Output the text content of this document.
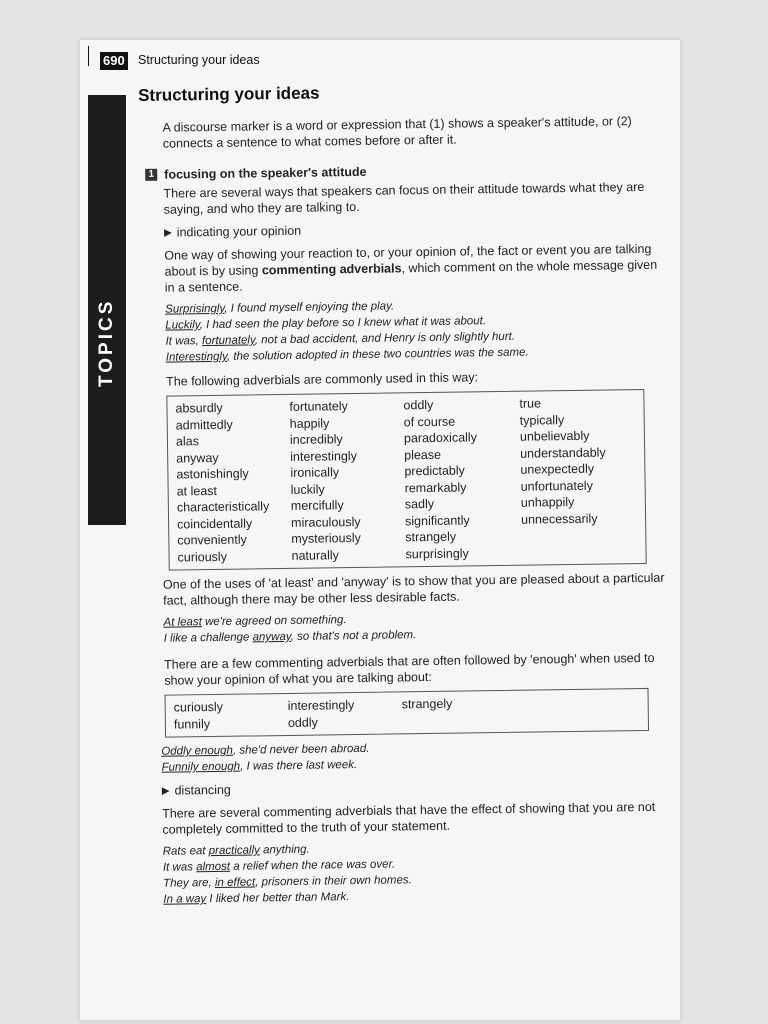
690 Structuring your ideas
Structuring your ideas

A discourse marker is a word or expression that (1) shows a speaker's attitude, or (2) connects a sentence to what comes before or after it.

1 focusing on the speaker's attitude

There are several ways that speakers can focus on their attitude towards what they are saying, and who they are talking to.

▶ indicating your opinion

One way of showing your reaction to, or your opinion of, the fact or event you are talking about is by using commenting adverbials, which comment on the whole message given in a sentence.

Surprisingly, I found myself enjoying the play.
Luckily, I had seen the play before so I knew what it was about.
It was, fortunately, not a bad accident, and Henry is only slightly hurt.
Interestingly, the solution adopted in these two countries was the same.

The following adverbials are commonly used in this way:

absurdly
admittedly
alas
anyway
astonishingly
at least
characteristically
coincidentally
conveniently
curiously
fortunately
happily
incredibly
interestingly
ironically
luckily
mercifully
miraculously
mysteriously
naturally
oddly
of course
paradoxically
please
predictably
remarkably
sadly
significantly
strangely
surprisingly
true
typically
unbelievably
understandably
unexpectedly
unfortunately
unhappily
unnecessarily

One of the uses of 'at least' and 'anyway' is to show that you are pleased about a particular fact, although there may be other less desirable facts.

At least we're agreed on something.
I like a challenge anyway, so that's not a problem.

There are a few commenting adverbials that are often followed by 'enough' when used to show your opinion of what you are talking about:

curiously
funnily
interestingly
oddly
strangely
Oddly enough, she'd never been abroad.
Funnily enough, I was there last week.
▶ distancing

There are several commenting adverbials that have the effect of showing that you are not completely committed to the truth of your statement.

Rats eat practically anything.
It was almost a relief when the race was over.
They are, in effect, prisoners in their own homes.
In a way I liked her better than Mark.
